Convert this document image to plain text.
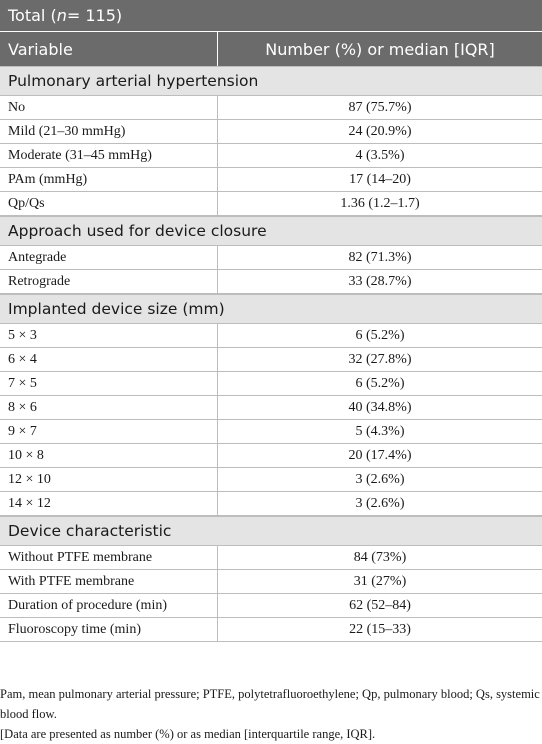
Total ( n = 115)
Variable	Number (%) or median [IQR]
Pulmonary arterial hypertension
No	87 (75.7%)
Mild (21–30 mmHg)	24 (20.9%)
Moderate (31–45 mmHg)	4 (3.5%)
PAm (mmHg)	17 (14–20)
Qp/Qs	1.36 (1.2–1.7)
Approach used for device closure
Antegrade	82 (71.3%)
Retrograde	33 (28.7%)
Implanted device size (mm)
5 × 3	6 (5.2%)
6 × 4	32 (27.8%)
7 × 5	6 (5.2%)
8 × 6	40 (34.8%)
9 × 7	5 (4.3%)
10 × 8	20 (17.4%)
12 × 10	3 (2.6%)
14 × 12	3 (2.6%)
Device characteristic
Without PTFE membrane	84 (73%)
With PTFE membrane	31 (27%)
Duration of procedure (min)	62 (52–84)
Fluoroscopy time (min)	22 (15–33)
Pam, mean pulmonary arterial pressure; PTFE, polytetrafluoroethylene; Qp, pulmonary blood; Qs, systemic blood flow.
[Data are presented as number (%) or as median [interquartile range, IQR].
